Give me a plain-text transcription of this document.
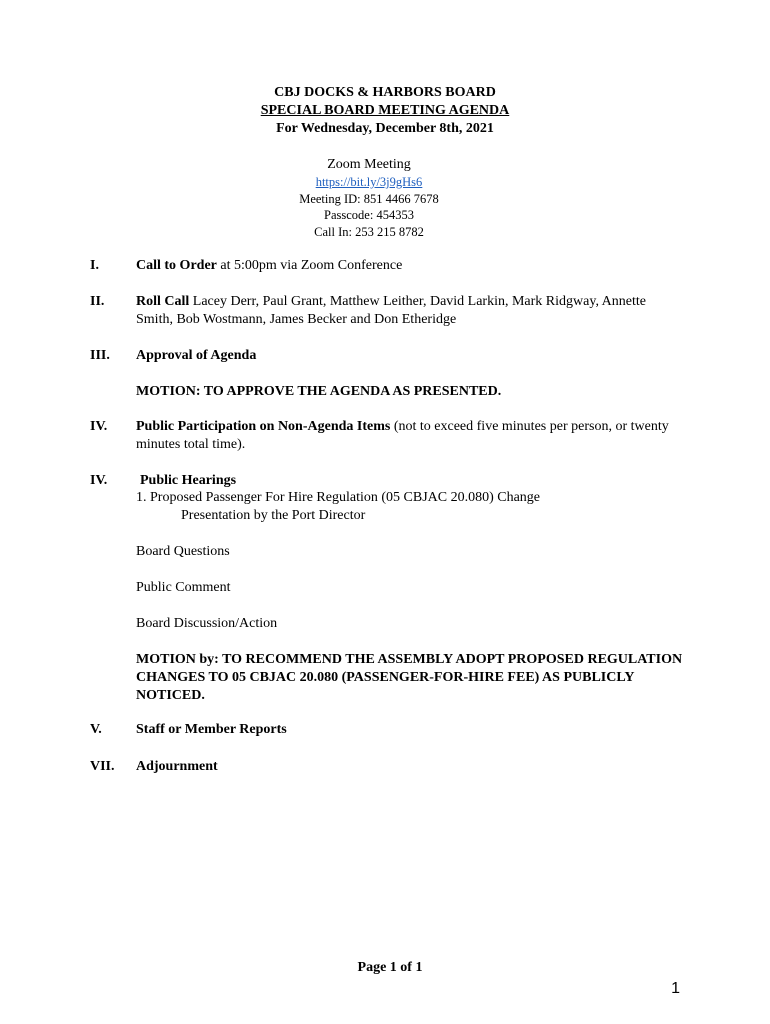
CBJ DOCKS & HARBORS BOARD
SPECIAL BOARD MEETING AGENDA
For Wednesday, December 8th, 2021
Zoom Meeting
https://bit.ly/3j9gHs6
Meeting ID: 851 4466 7678
Passcode: 454353
Call In: 253 215 8782
I.	Call to Order at 5:00pm via Zoom Conference
II. Roll Call Lacey Derr, Paul Grant, Matthew Leither, David Larkin, Mark Ridgway, Annette Smith, Bob Wostmann, James Becker and Don Etheridge
III. Approval of Agenda
MOTION: TO APPROVE THE AGENDA AS PRESENTED.
IV. Public Participation on Non-Agenda Items (not to exceed five minutes per person, or twenty minutes total time).
IV. Public Hearings
1. Proposed Passenger For Hire Regulation (05 CBJAC 20.080) Change
Presentation by the Port Director
Board Questions
Public Comment
Board Discussion/Action
MOTION by: TO RECOMMEND THE ASSEMBLY ADOPT PROPOSED REGULATION CHANGES TO 05 CBJAC 20.080 (PASSENGER-FOR-HIRE FEE) AS PUBLICLY NOTICED.
V. Staff or Member Reports
VII. Adjournment
Page 1 of 1
1
